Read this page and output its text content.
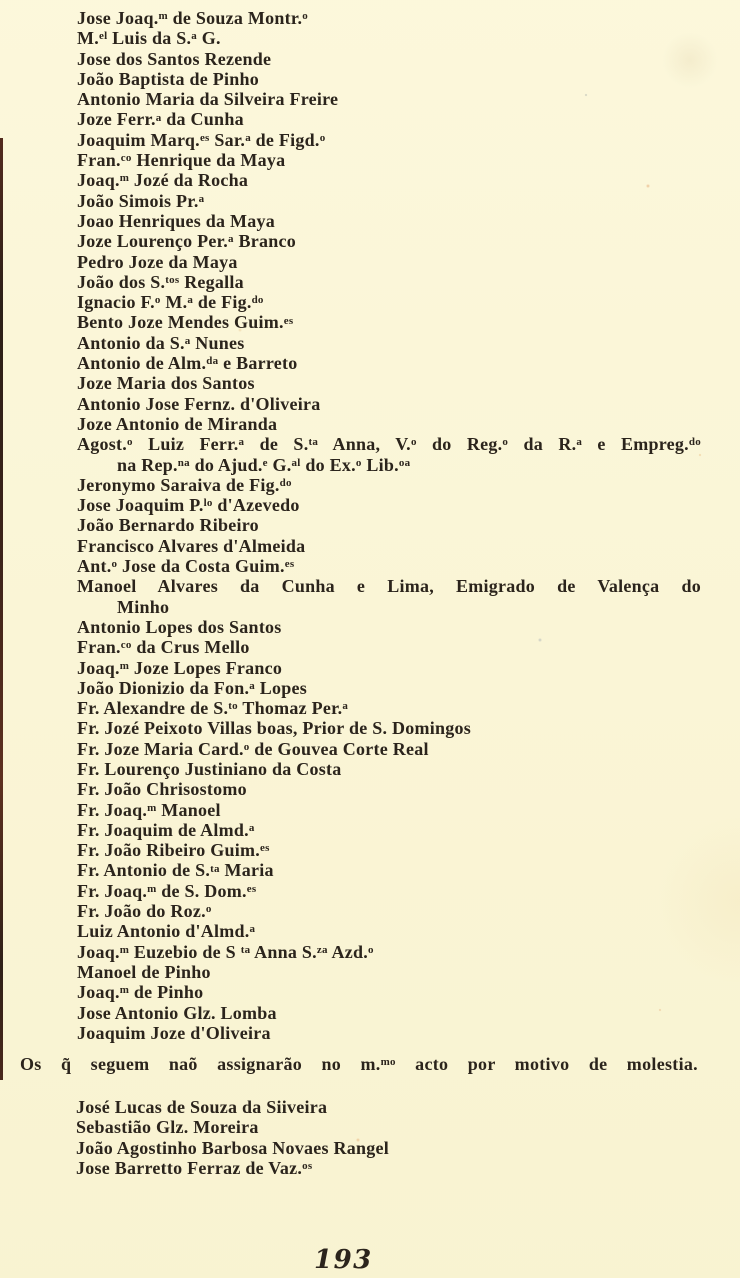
Jose Joaq.$^m$ de Souza Montr.$^o$
M.$^{el}$ Luis da S.$^a$ G.
Jose dos Santos Rezende
João Baptista de Pinho
Antonio Maria da Silveira Freire
Joze Ferr.$^a$ da Cunha
Joaquim Marq.$^{es}$ Sar.$^a$ de Figd.$^o$
Fran.$^{co}$ Henrique da Maya
Joaq.$^m$ Jozé da Rocha
João Simois Pr.$^a$
Joao Henriques da Maya
Joze Lourenço Per.$^a$ Branco
Pedro Joze da Maya
João dos S.$^{tos}$ Regalla
Ignacio F.$^o$ M.$^a$ de Fig.$^{do}$
Bento Joze Mendes Guim.$^{es}$
Antonio da S.$^a$ Nunes
Antonio de Alm.$^{da}$ e Barreto
Joze Maria dos Santos
Antonio Jose Fernz. d'Oliveira
Joze Antonio de Miranda
Agost.$^o$ Luiz Ferr.$^a$ de S.$^{ta}$ Anna, V.$^o$ do Reg.$^o$ da R.$^a$ e Empreg.$^{do}$
na Rep.$^{na}$ do Ajud.$^e$ G.$^{al}$ do Ex.$^o$ Lib.$^{oa}$
Jeronymo Saraiva de Fig.$^{do}$
Jose Joaquim P.$^{lo}$ d'Azevedo
João Bernardo Ribeiro
Francisco Alvares d'Almeida
Ant.$^o$ Jose da Costa Guim.$^{es}$
Manoel Alvares da Cunha e Lima, Emigrado de Valença do
Minho
Antonio Lopes dos Santos
Fran.$^{co}$ da Crus Mello
Joaq.$^m$ Joze Lopes Franco
João Dionizio da Fon.$^a$ Lopes
Fr. Alexandre de S.$^{to}$ Thomaz Per.$^a$
Fr. Jozé Peixoto Villas boas, Prior de S. Domingos
Fr. Joze Maria Card.$^o$ de Gouvea Corte Real
Fr. Lourenço Justiniano da Costa
Fr. João Chrisostomo
Fr. Joaq.$^m$ Manoel
Fr. Joaquim de Almd.$^a$
Fr. João Ribeiro Guim.$^{es}$
Fr. Antonio de S.$^{ta}$ Maria
Fr. Joaq.$^m$ de S. Dom.$^{es}$
Fr. João do Roz.$^o$
Luiz Antonio d'Almd.$^a$
Joaq.$^m$ Euzebio de S $^{ta}$ Anna S.$^{za}$ Azd.$^o$
Manoel de Pinho
Joaq.$^m$ de Pinho
Jose Antonio Glz. Lomba
Joaquim Joze d'Oliveira
Os q̃ seguem naõ assignarão no m.$^{mo}$ acto por motivo de molestia.
José Lucas de Souza da Siiveira
Sebastião Glz. Moreira
João Agostinho Barbosa Novaes Rangel
Jose Barretto Ferraz de Vaz.$^{os}$
193
